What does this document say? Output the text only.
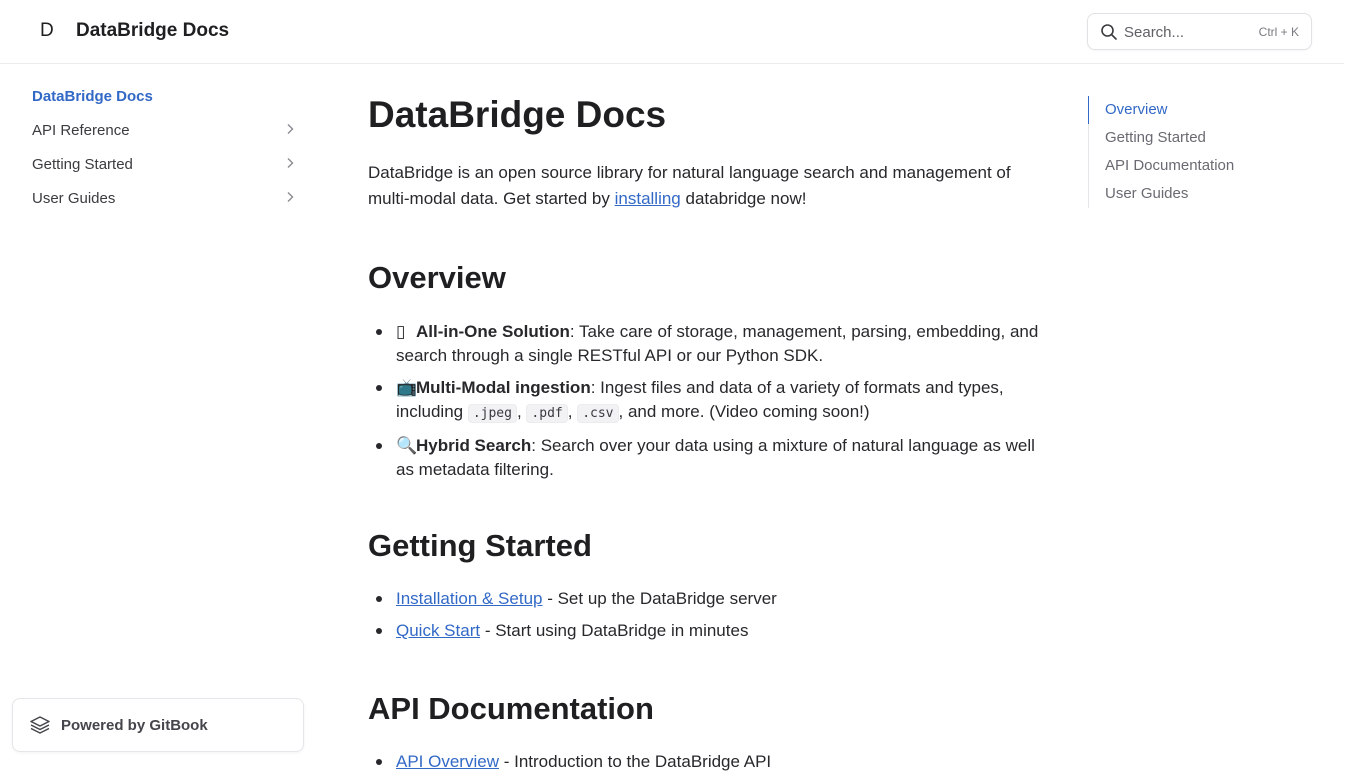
D DataBridge Docs	Search...	Ctrl + K
DataBridge Docs
API Reference
Getting Started
User Guides
Powered by GitBook
DataBridge Docs

DataBridge is an open source library for natural language search and management of multi-modal data. Get started by installing databridge now!

Overview
▯ All-in-One Solution: Take care of storage, management, parsing, embedding, and search through a single RESTful API or our Python SDK.
📺Multi-Modal ingestion: Ingest files and data of a variety of formats and types, including .jpeg , .pdf , .csv , and more. (Video coming soon!)
🔍Hybrid Search: Search over your data using a mixture of natural language as well as metadata filtering.
Getting Started
Installation & Setup - Set up the DataBridge server
Quick Start - Start using DataBridge in minutes
API Documentation
API Overview - Introduction to the DataBridge API
Overview
Getting Started
API Documentation
User Guides
